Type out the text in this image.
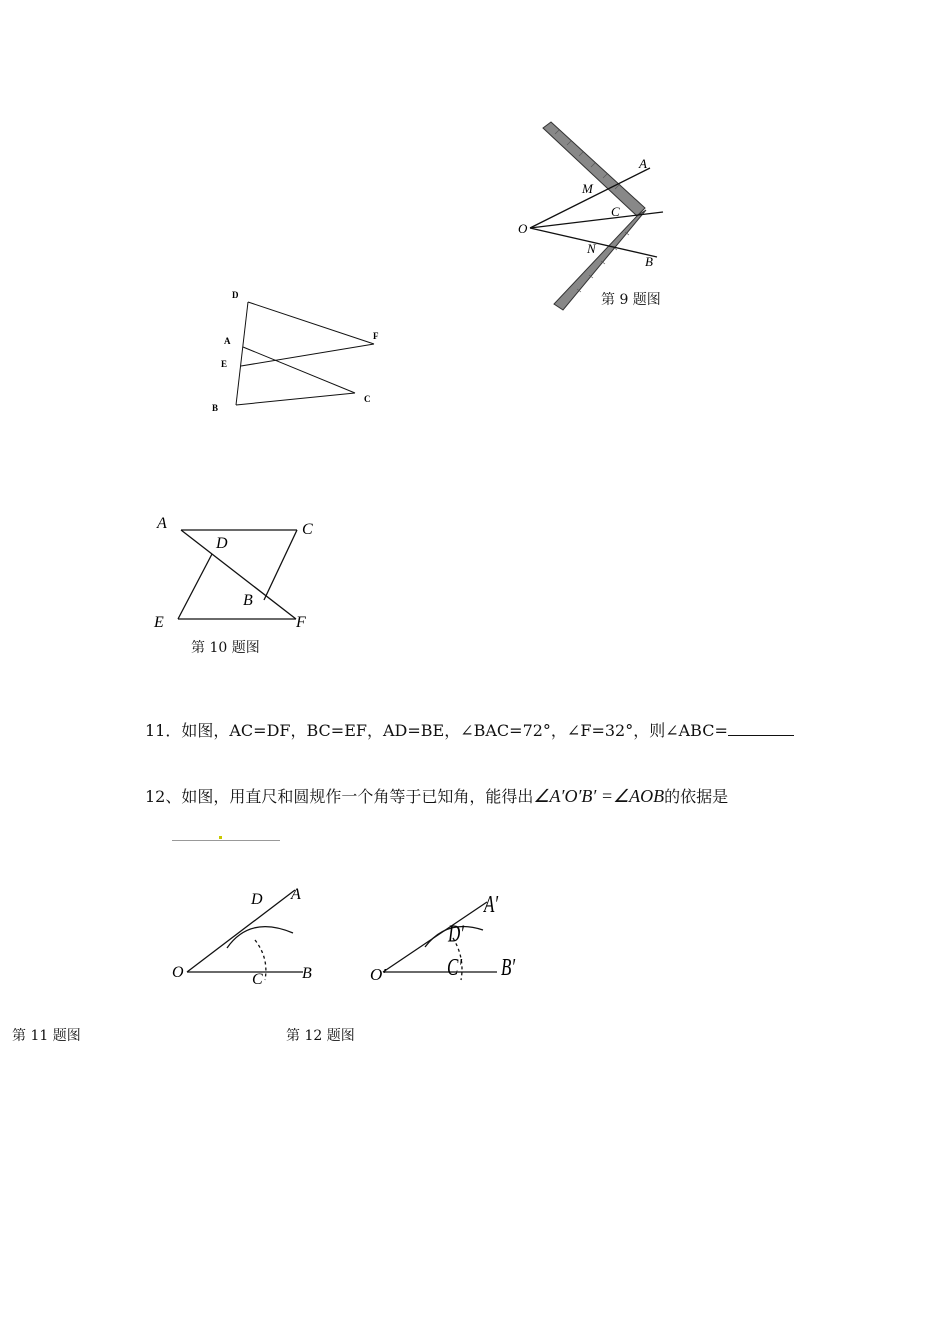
A
M
C
O
N
B
第 9 题图
D
A
E
B
F
C
A	C
D
B
E	F
第 10 题图
11．如图，AC=DF，BC=EF，AD=BE，∠BAC=72°，∠F=32°，则∠ABC=
12、如图，用直尺和圆规作一个角等于已知角，能得出∠A′O′B′ =∠AOB的依据是
D A
O	C B
第 11 题图
D′
A′
O′	C′ B′
第 12 题图
